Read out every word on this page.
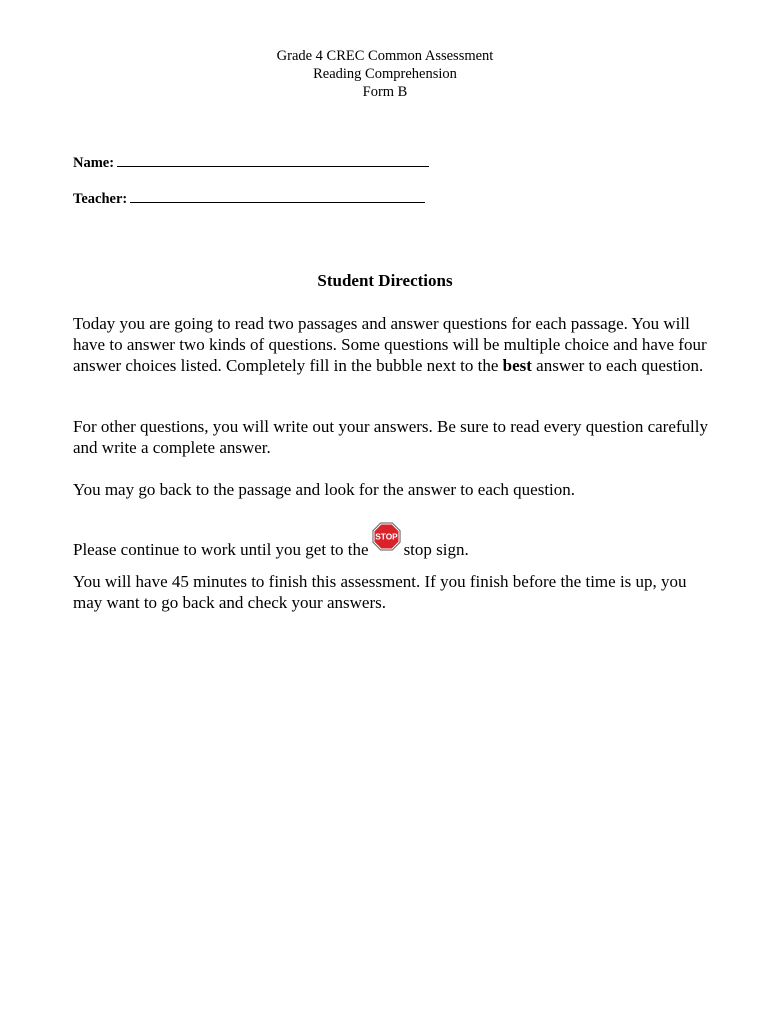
Grade 4 CREC Common Assessment
Reading Comprehension
Form B
Name:
Teacher:
Student Directions
Today you are going to read two passages and answer questions for each passage. You will have to answer two kinds of questions. Some questions will be multiple choice and have four answer choices listed. Completely fill in the bubble next to the best answer to each question.
For other questions, you will write out your answers. Be sure to read every question carefully and write a complete answer.
You may go back to the passage and look for the answer to each question.
Please continue to work until you get to the
STOP
stop sign.
You will have 45 minutes to finish this assessment. If you finish before the time is up, you may want to go back and check your answers.
